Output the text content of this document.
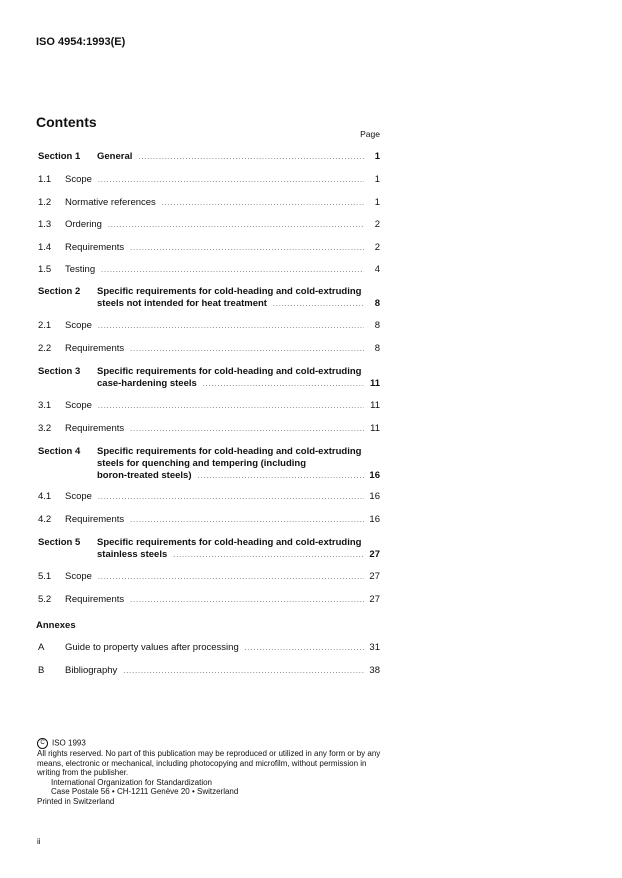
ISO 4954:1993(E)
Contents
Page
Section 1 General .....	1
1.1 Scope .....	1
1.2 Normative references .....	1
1.3 Ordering .....	2
1.4 Requirements .....	2
1.5 Testing .....	4
Section 2 Specific requirements for cold-heading and cold-extruding
steels not intended for heat treatment .....	8
2.1 Scope .....	8
2.2 Requirements .....	8
Section 3 Specific requirements for cold-heading and cold-extruding
case-hardening steels .....	11
3.1 Scope .....	11
3.2 Requirements .....	11
Section 4 Specific requirements for cold-heading and cold-extruding
steels for quenching and tempering (including
boron-treated steels) .....	16
4.1 Scope .....	16
4.2 Requirements .....	16
Section 5 Specific requirements for cold-heading and cold-extruding
stainless steels .....	27
5.1 Scope .....	27
5.2 Requirements .....	27
Annexes
A Guide to property values after processing .....	31
B Bibliography .....	38
C ISO 1993
All rights reserved. No part of this publication may be reproduced or utilized in any form or by any means, electronic or mechanical, including photocopying and microfilm, without permission in writing from the publisher.
International Organization for Standardization
Case Postale 56 • CH-1211 Genève 20 • Switzerland
Printed in Switzerland
ii
